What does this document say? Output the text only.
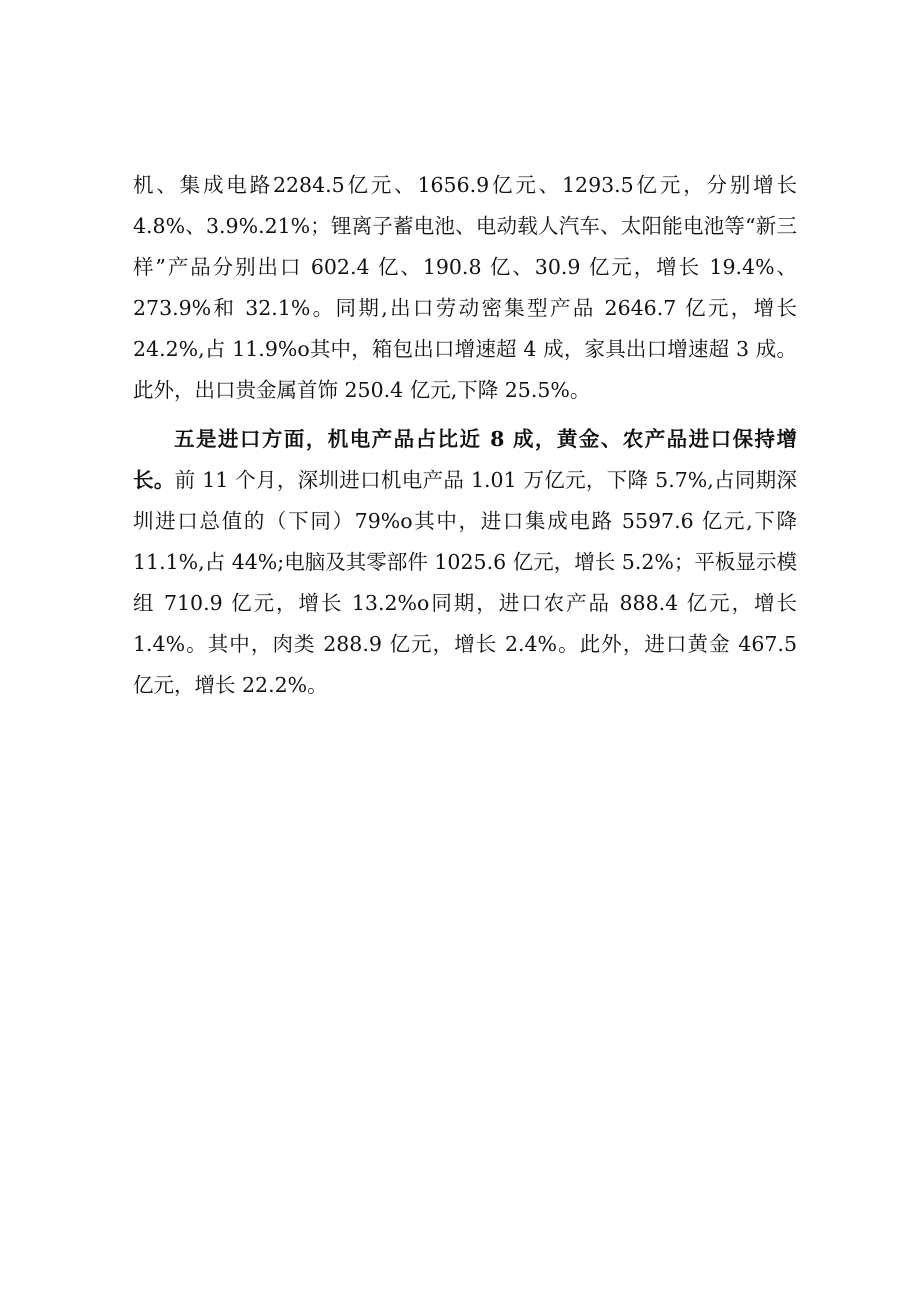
机、集成电路2284.5亿元、1656.9亿元、1293.5亿元，分别增长4.8%、3.9%.21%；锂离子蓄电池、电动载人汽车、太阳能电池等“新三样”产品分别出口 602.4 亿、190.8 亿、30.9 亿元，增长 19.4%、273.9%和 32.1%。同期,出口劳动密集型产品 2646.7 亿元，增长 24.2%,占 11.9%o其中，箱包出口增速超 4 成，家具出口增速超 3 成。此外，出口贵金属首饰 250.4 亿元,下降 25.5%。

五是进口方面，机电产品占比近 8 成，黄金、农产品进口保持增长。前 11 个月，深圳进口机电产品 1.01 万亿元，下降 5.7%,占同期深圳进口总值的（下同）79%o其中，进口集成电路 5597.6 亿元,下降 11.1%,占 44%;电脑及其零部件 1025.6 亿元，增长 5.2%；平板显示模组 710.9 亿元，增长 13.2%o同期，进口农产品 888.4 亿元，增长 1.4%。其中，肉类 288.9 亿元，增长 2.4%。此外，进口黄金 467.5 亿元，增长 22.2%。
